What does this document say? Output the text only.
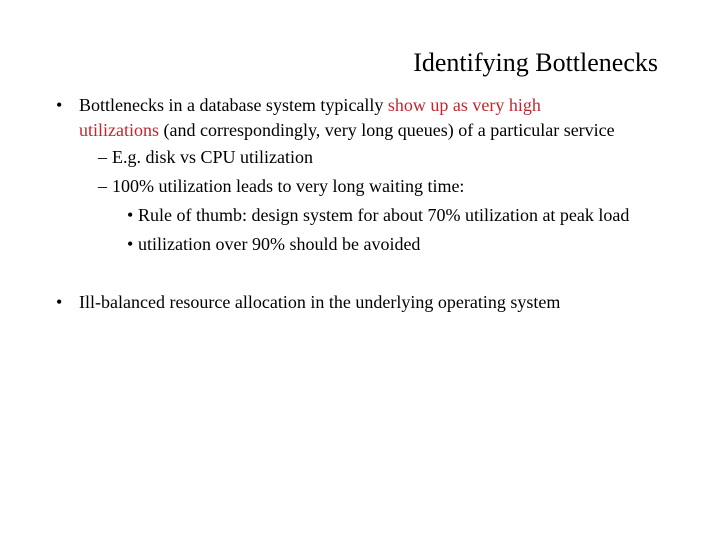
Identifying Bottlenecks
• Bottlenecks in a database system typically show up as very high
utilizations (and correspondingly, very long queues) of a particular service
– E.g. disk vs CPU utilization
– 100% utilization leads to very long waiting time:
• Rule of thumb: design system for about 70% utilization at peak load
• utilization over 90% should be avoided
• Ill-balanced resource allocation in the underlying operating system
